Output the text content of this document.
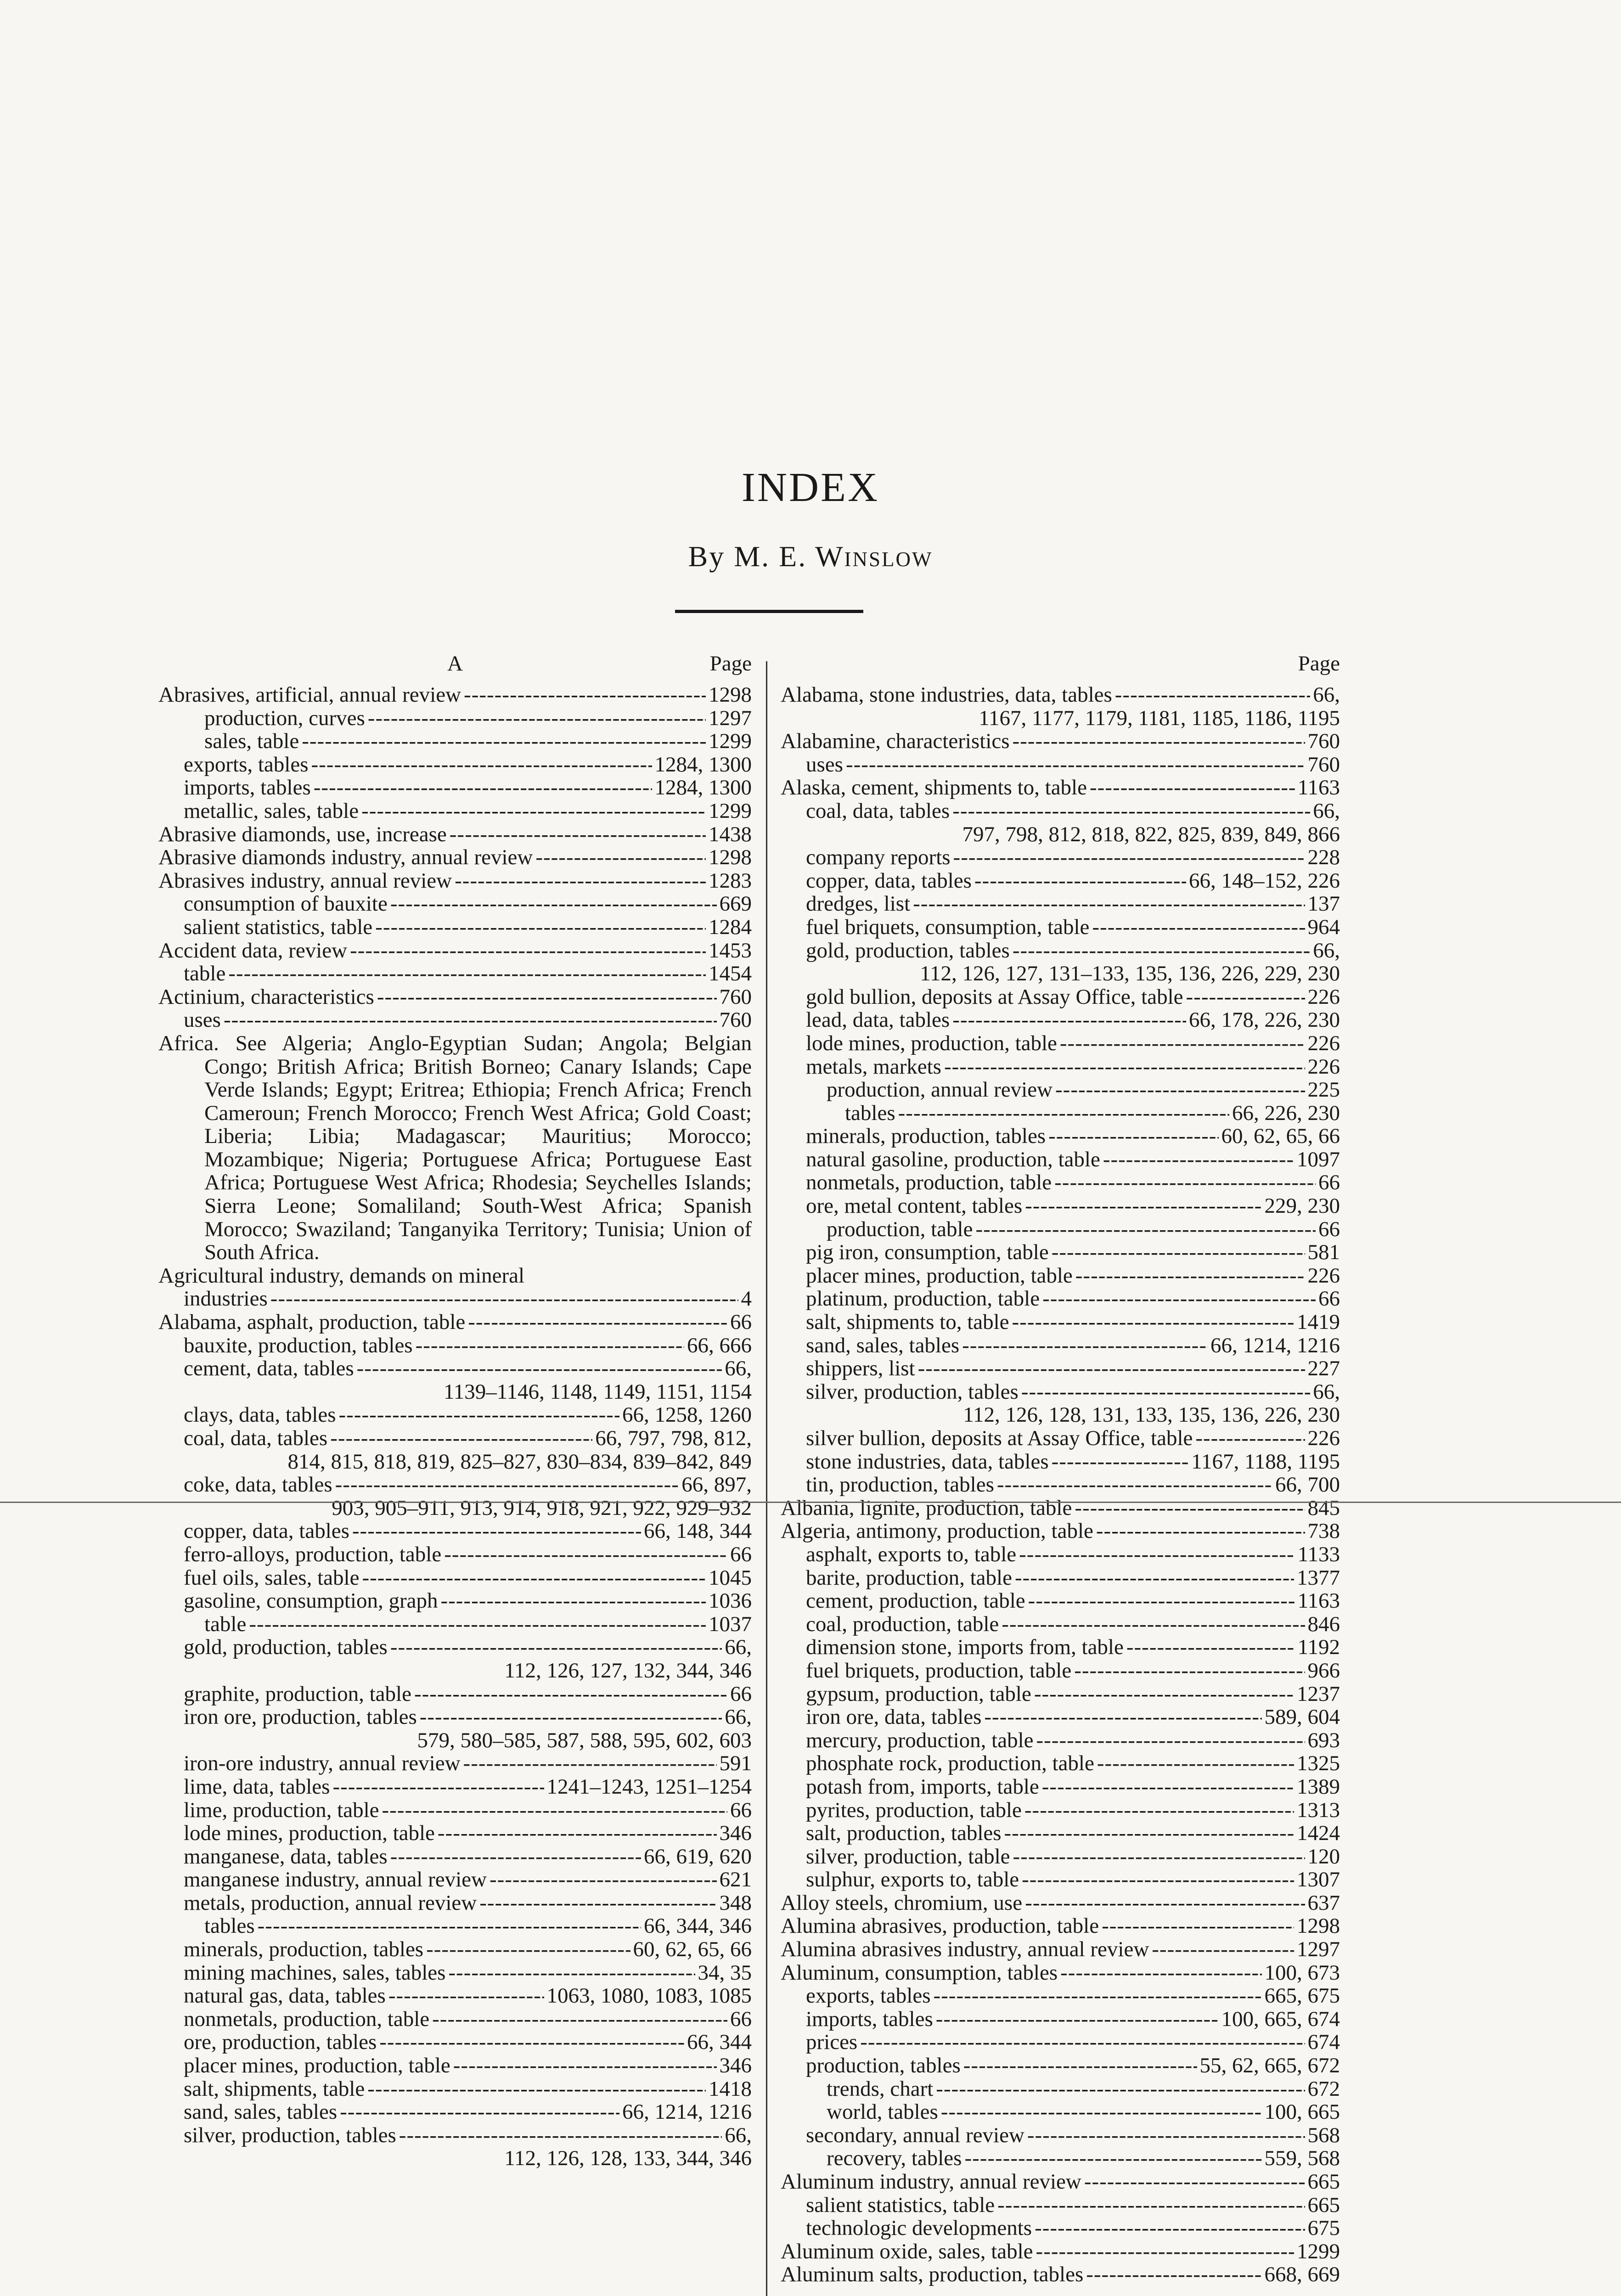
INDEX
By M. E. Winslow
A	Page
Abrasives, artificial, annual review -----	1298
production, curves -----	1297
sales, table -----	1299
exports, tables -----	1284, 1300
imports, tables -----	1284, 1300
metallic, sales, table -----	1299
Abrasive diamonds, use, increase -----	1438
Abrasive diamonds industry, annual review -----	1298
Abrasives industry, annual review -----	1283
consumption of bauxite -----	669
salient statistics, table -----	1284
Accident data, review -----	1453
table -----	1454
Actinium, characteristics -----	760
uses -----	760
Africa. See Algeria; Anglo-Egyptian Sudan; Angola; Belgian Congo; British Africa; British Borneo; Canary Islands; Cape Verde Islands; Egypt; Eritrea; Ethiopia; French Africa; French Cameroun; French Morocco; French West Africa; Gold Coast; Liberia; Libia; Madagascar; Mauritius; Morocco; Mozambique; Nigeria; Portuguese Africa; Portuguese East Africa; Portuguese West Africa; Rhodesia; Seychelles Islands; Sierra Leone; Somaliland; South-West Africa; Spanish Morocco; Swaziland; Tanganyika Territory; Tunisia; Union of South Africa.
Agricultural industry, demands on mineral
industries -----	4
Alabama, asphalt, production, table -----	66
bauxite, production, tables -----	66, 666
cement, data, tables -----	66,
1139–1146, 1148, 1149, 1151, 1154
clays, data, tables -----	66, 1258, 1260
coal, data, tables -----	66, 797, 798, 812,
814, 815, 818, 819, 825–827, 830–834, 839–842, 849
coke, data, tables -----	66, 897,
903, 905–911, 913, 914, 918, 921, 922, 929–932
copper, data, tables -----	66, 148, 344
ferro-alloys, production, table -----	66
fuel oils, sales, table -----	1045
gasoline, consumption, graph -----	1036
table -----	1037
gold, production, tables -----	66,
112, 126, 127, 132, 344, 346
graphite, production, table -----	66
iron ore, production, tables -----	66,
579, 580–585, 587, 588, 595, 602, 603
iron-ore industry, annual review -----	591
lime, data, tables -----	1241–1243, 1251–1254
lime, production, table -----	66
lode mines, production, table -----	346
manganese, data, tables -----	66, 619, 620
manganese industry, annual review -----	621
metals, production, annual review -----	348
tables -----	66, 344, 346
minerals, production, tables -----	60, 62, 65, 66
mining machines, sales, tables -----	34, 35
natural gas, data, tables -----	1063, 1080, 1083, 1085
nonmetals, production, table -----	66
ore, production, tables -----	66, 344
placer mines, production, table -----	346
salt, shipments, table -----	1418
sand, sales, tables -----	66, 1214, 1216
silver, production, tables -----	66,
112, 126, 128, 133, 344, 346
Page
Alabama, stone industries, data, tables -----	66,
1167, 1177, 1179, 1181, 1185, 1186, 1195
Alabamine, characteristics -----	760
uses -----	760
Alaska, cement, shipments to, table -----	1163
coal, data, tables -----	66,
797, 798, 812, 818, 822, 825, 839, 849, 866
company reports -----	228
copper, data, tables -----	66, 148–152, 226
dredges, list -----	137
fuel briquets, consumption, table -----	964
gold, production, tables -----	66,
112, 126, 127, 131–133, 135, 136, 226, 229, 230
gold bullion, deposits at Assay Office, table -----	226
lead, data, tables -----	66, 178, 226, 230
lode mines, production, table -----	226
metals, markets -----	226
production, annual review -----	225
tables -----	66, 226, 230
minerals, production, tables -----	60, 62, 65, 66
natural gasoline, production, table -----	1097
nonmetals, production, table -----	66
ore, metal content, tables -----	229, 230
production, table -----	66
pig iron, consumption, table -----	581
placer mines, production, table -----	226
platinum, production, table -----	66
salt, shipments to, table -----	1419
sand, sales, tables -----	66, 1214, 1216
shippers, list -----	227
silver, production, tables -----	66,
112, 126, 128, 131, 133, 135, 136, 226, 230
silver bullion, deposits at Assay Office, table -----	226
stone industries, data, tables -----	1167, 1188, 1195
tin, production, tables -----	66, 700
Albania, lignite, production, table -----	845
Algeria, antimony, production, table -----	738
asphalt, exports to, table -----	1133
barite, production, table -----	1377
cement, production, table -----	1163
coal, production, table -----	846
dimension stone, imports from, table -----	1192
fuel briquets, production, table -----	966
gypsum, production, table -----	1237
iron ore, data, tables -----	589, 604
mercury, production, table -----	693
phosphate rock, production, table -----	1325
potash from, imports, table -----	1389
pyrites, production, table -----	1313
salt, production, tables -----	1424
silver, production, table -----	120
sulphur, exports to, table -----	1307
Alloy steels, chromium, use -----	637
Alumina abrasives, production, table -----	1298
Alumina abrasives industry, annual review -----	1297
Aluminum, consumption, tables -----	100, 673
exports, tables -----	665, 675
imports, tables -----	100, 665, 674
prices -----	674
production, tables -----	55, 62, 665, 672
trends, chart -----	672
world, tables -----	100, 665
secondary, annual review -----	568
recovery, tables -----	559, 568
Aluminum industry, annual review -----	665
salient statistics, table -----	665
technologic developments -----	675
Aluminum oxide, sales, table -----	1299
Aluminum salts, production, tables -----	668, 669
